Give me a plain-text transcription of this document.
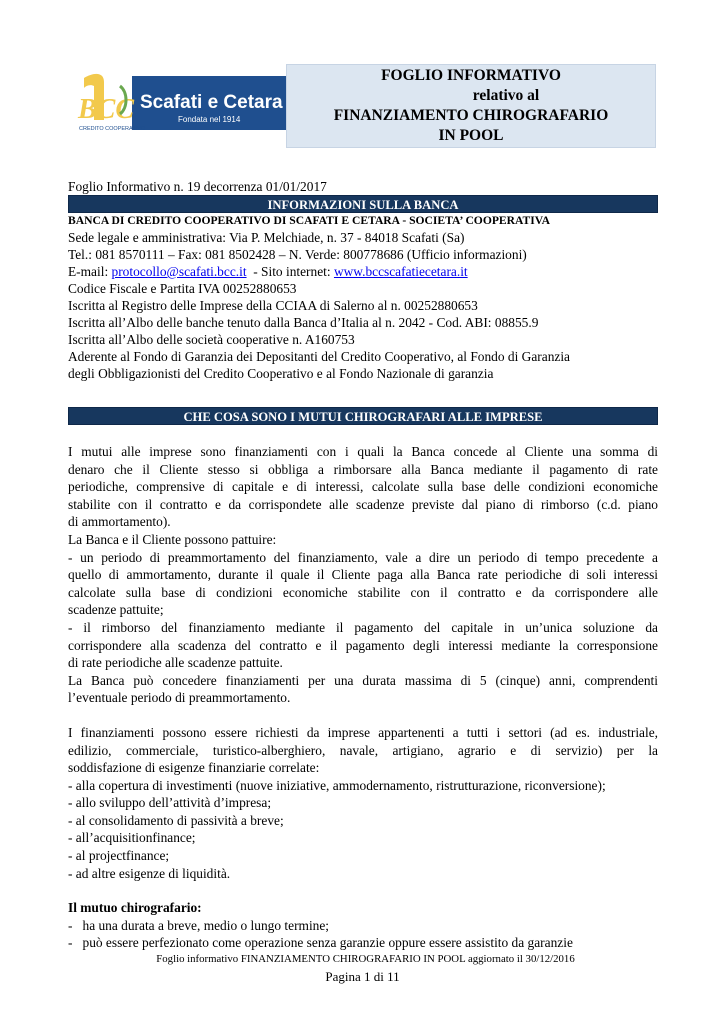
BCC
CREDITO COOPERATIVO
Scafati e Cetara
Fondata nel 1914
FOGLIO INFORMATIVO
relativo al
FINANZIAMENTO CHIROGRAFARIO
IN POOL
Foglio Informativo n. 19 decorrenza 01/01/2017
INFORMAZIONI SULLA BANCA
BANCA DI CREDITO COOPERATIVO DI SCAFATI E CETARA - SOCIETA’ COOPERATIVA
Sede legale e amministrativa: Via P. Melchiade, n. 37 - 84018 Scafati (Sa)
Tel.: 081 8570111 – Fax: 081 8502428 – N. Verde: 800778686 (Ufficio informazioni)
E-mail: protocollo@scafati.bcc.it  - Sito internet: www.bccscafatiecetara.it
Codice Fiscale e Partita IVA 00252880653
Iscritta al Registro delle Imprese della CCIAA di Salerno al n. 00252880653
Iscritta all’Albo delle banche tenuto dalla Banca d’Italia al n. 2042 - Cod. ABI: 08855.9
Iscritta all’Albo delle società cooperative n. A160753
Aderente al Fondo di Garanzia dei Depositanti del Credito Cooperativo, al Fondo di Garanzia
degli Obbligazionisti del Credito Cooperativo e al Fondo Nazionale di garanzia
CHE COSA SONO I MUTUI CHIROGRAFARI ALLE IMPRESE
I mutui alle imprese sono finanziamenti con i quali la Banca concede al Cliente una somma di
denaro che il Cliente stesso si obbliga a rimborsare alla Banca mediante il pagamento di rate
periodiche, comprensive di capitale e di interessi, calcolate sulla base delle condizioni economiche
stabilite con il contratto e da corrispondete alle scadenze previste dal piano di rimborso (c.d. piano
di ammortamento).
La Banca e il Cliente possono pattuire:
- un periodo di preammortamento del finanziamento, vale a dire un periodo di tempo precedente a
quello di ammortamento, durante il quale il Cliente paga alla Banca rate periodiche di soli interessi
calcolate sulla base di condizioni economiche stabilite con il contratto e da corrispondere alle
scadenze pattuite;
- il rimborso del finanziamento mediante il pagamento del capitale in un’unica soluzione da
corrispondere alla scadenza del contratto e il pagamento degli interessi mediante la corresponsione
di rate periodiche alle scadenze pattuite.
La Banca può concedere finanziamenti per una durata massima di 5 (cinque) anni, comprendenti
l’eventuale periodo di preammortamento.
I finanziamenti possono essere richiesti da imprese appartenenti a tutti i settori (ad es. industriale,
edilizio, commerciale, turistico-alberghiero, navale, artigiano, agrario e di servizio) per la
soddisfazione di esigenze finanziarie correlate:
- alla copertura di investimenti (nuove iniziative, ammodernamento, ristrutturazione, riconversione);
- allo sviluppo dell’attività d’impresa;
- al consolidamento di passività a breve;
- all’acquisitionfinance;
- al projectfinance;
- ad altre esigenze di liquidità.
Il mutuo chirografario:
-   ha una durata a breve, medio o lungo termine;
-   può essere perfezionato come operazione senza garanzie oppure essere assistito da garanzie
Foglio informativo FINANZIAMENTO CHIROGRAFARIO IN POOL aggiornato il 30/12/2016
Pagina 1 di 11
